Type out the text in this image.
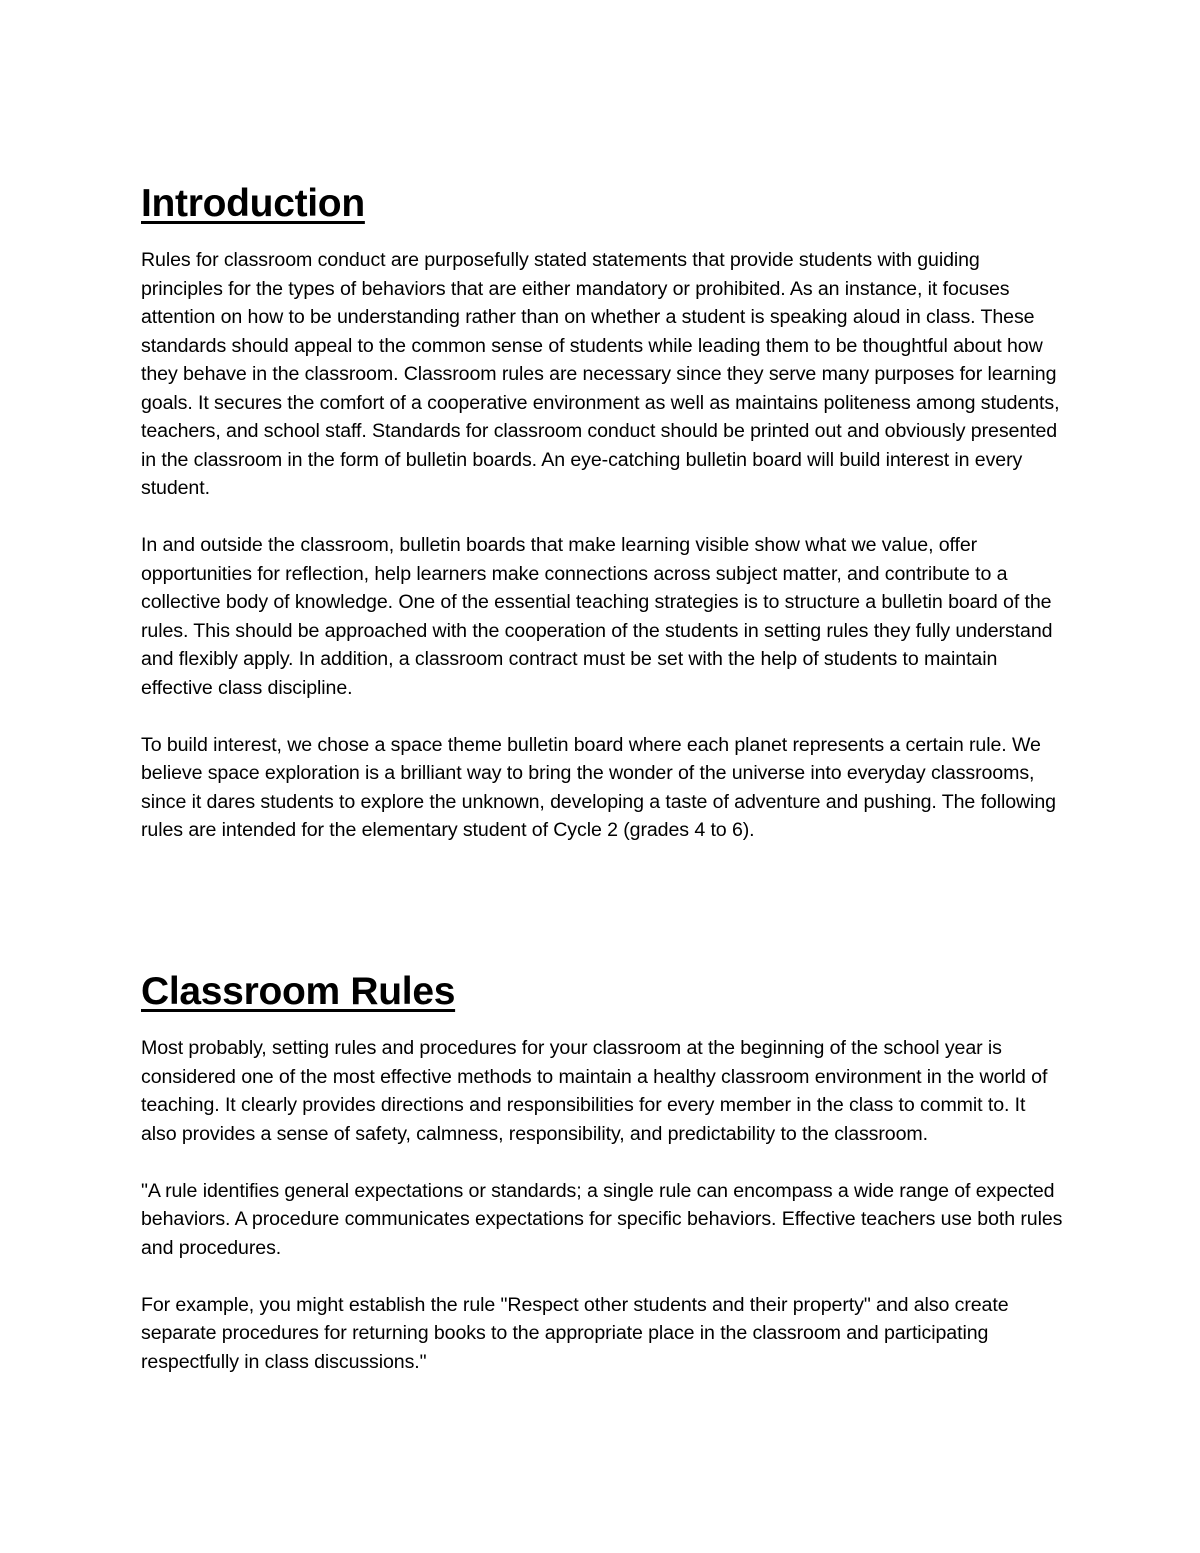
Introduction

Rules for classroom conduct are purposefully stated statements that provide students with guiding principles for the types of behaviors that are either mandatory or prohibited. As an instance, it focuses attention on how to be understanding rather than on whether a student is speaking aloud in class. These standards should appeal to the common sense of students while leading them to be thoughtful about how they behave in the classroom. Classroom rules are necessary since they serve many purposes for learning goals. It secures the comfort of a cooperative environment as well as maintains politeness among students, teachers, and school staff. Standards for classroom conduct should be printed out and obviously presented in the classroom in the form of bulletin boards. An eye-catching bulletin board will build interest in every student.

In and outside the classroom, bulletin boards that make learning visible show what we value, offer opportunities for reflection, help learners make connections across subject matter, and contribute to a collective body of knowledge. One of the essential teaching strategies is to structure a bulletin board of the rules. This should be approached with the cooperation of the students in setting rules they fully understand and flexibly apply. In addition, a classroom contract must be set with the help of students to maintain effective class discipline.

To build interest, we chose a space theme bulletin board where each planet represents a certain rule. We believe space exploration is a brilliant way to bring the wonder of the universe into everyday classrooms, since it dares students to explore the unknown, developing a taste of adventure and pushing. The following rules are intended for the elementary student of Cycle 2 (grades 4 to 6).

Classroom Rules

Most probably, setting rules and procedures for your classroom at the beginning of the school year is considered one of the most effective methods to maintain a healthy classroom environment in the world of teaching. It clearly provides directions and responsibilities for every member in the class to commit to. It also provides a sense of safety, calmness, responsibility, and predictability to the classroom.

"A rule identifies general expectations or standards; a single rule can encompass a wide range of expected behaviors. A procedure communicates expectations for specific behaviors. Effective teachers use both rules and procedures.

For example, you might establish the rule "Respect other students and their property" and also create separate procedures for returning books to the appropriate place in the classroom and participating respectfully in class discussions."
